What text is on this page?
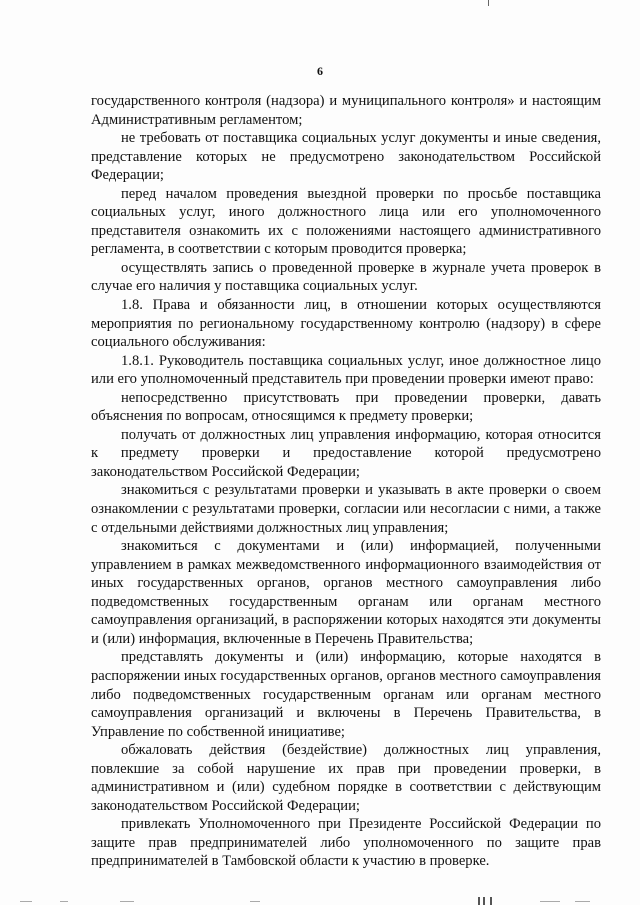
6

государственного контроля (надзора) и муниципального контроля» и настоящим Административным регламентом;

не требовать от поставщика социальных услуг документы и иные сведения, представление которых не предусмотрено законодательством Российской Федерации;

перед началом проведения выездной проверки по просьбе поставщика социальных услуг, иного должностного лица или его уполномоченного представителя ознакомить их с положениями настоящего административного регламента, в соответствии с которым проводится проверка;

осуществлять запись о проведенной проверке в журнале учета проверок в случае его наличия у поставщика социальных услуг.

1.8. Права и обязанности лиц, в отношении которых осуществляются мероприятия по региональному государственному контролю (надзору) в сфере социального обслуживания:

1.8.1. Руководитель поставщика социальных услуг, иное должностное лицо или его уполномоченный представитель при проведении проверки имеют право:

непосредственно присутствовать при проведении проверки, давать объяснения по вопросам, относящимся к предмету проверки;

получать от должностных лиц управления информацию, которая относится к предмету проверки и предоставление которой предусмотрено законодательством Российской Федерации;

знакомиться с результатами проверки и указывать в акте проверки о своем ознакомлении с результатами проверки, согласии или несогласии с ними, а также с отдельными действиями должностных лиц управления;

знакомиться с документами и (или) информацией, полученными управлением в рамках межведомственного информационного взаимодействия от иных государственных органов, органов местного самоуправления либо подведомственных государственным органам или органам местного самоуправления организаций, в распоряжении которых находятся эти документы и (или) информация, включенные в Перечень Правительства;

представлять документы и (или) информацию, которые находятся в распоряжении иных государственных органов, органов местного самоуправления либо подведомственных государственным органам или органам местного самоуправления организаций и включены в Перечень Правительства, в Управление по собственной инициативе;

обжаловать действия (бездействие) должностных лиц управления, повлекшие за собой нарушение их прав при проведении проверки, в административном и (или) судебном порядке в соответствии с действующим законодательством Российской Федерации;

привлекать Уполномоченного при Президенте Российской Федерации по защите прав предпринимателей либо уполномоченного по защите прав предпринимателей в Тамбовской области к участию в проверке.
